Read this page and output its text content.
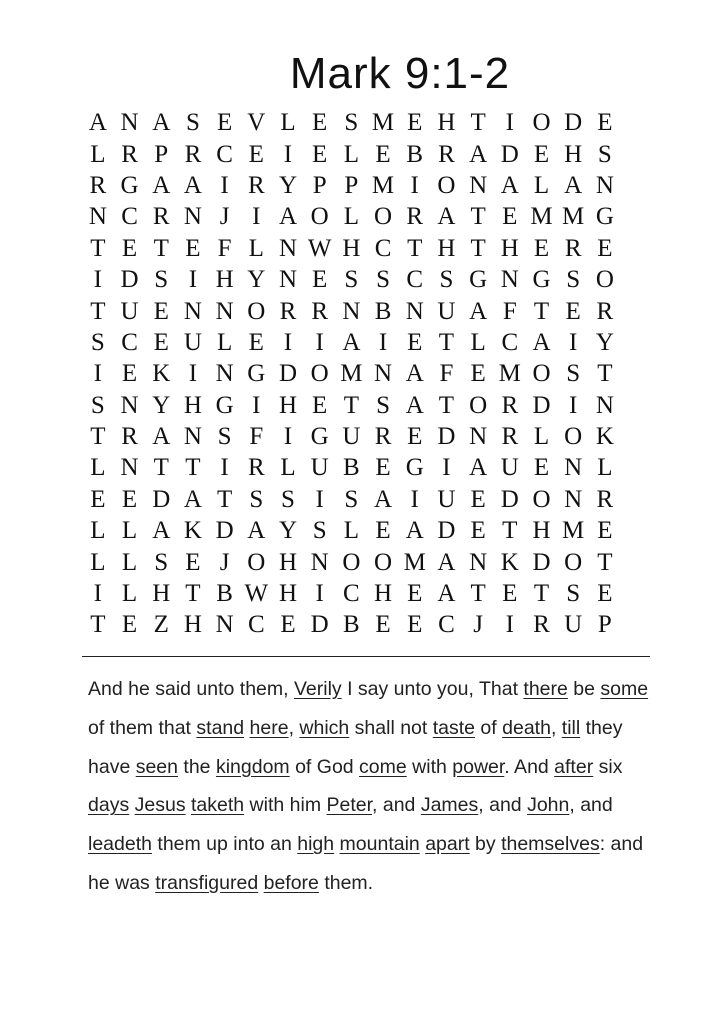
Mark 9:1-2
A N A S E V L E S M E H T I O D E
L R P R C E I E L E B R A D E H S
R G A A I R Y P P M I O N A L A N
N C R N J I A O L O R A T E M M G
T E T E F L N W H C T H T H E R E
I D S I H Y N E S S C S G N G S O
T U E N N O R R N B N U A F T E R
S C E U L E I I A I E T L C A I Y
I E K I N G D O M N A F E M O S T
S N Y H G I H E T S A T O R D I N
T R A N S F I G U R E D N R L O K
L N T T I R L U B E G I A U E N L
E E D A T S S I S A I U E D O N R
L L A K D A Y S L E A D E T H M E
L L S E J O H N O O M A N K D O T
I L H T B W H I C H E A T E T S E
T E Z H N C E D B E E C J I R U P
And he said unto them, Verily I say unto you, That there be some of them that stand here, which shall not taste of death, till they have seen the kingdom of God come with power. And after six days Jesus taketh with him Peter, and James, and John, and leadeth them up into an high mountain apart by themselves: and he was transfigured before them.
